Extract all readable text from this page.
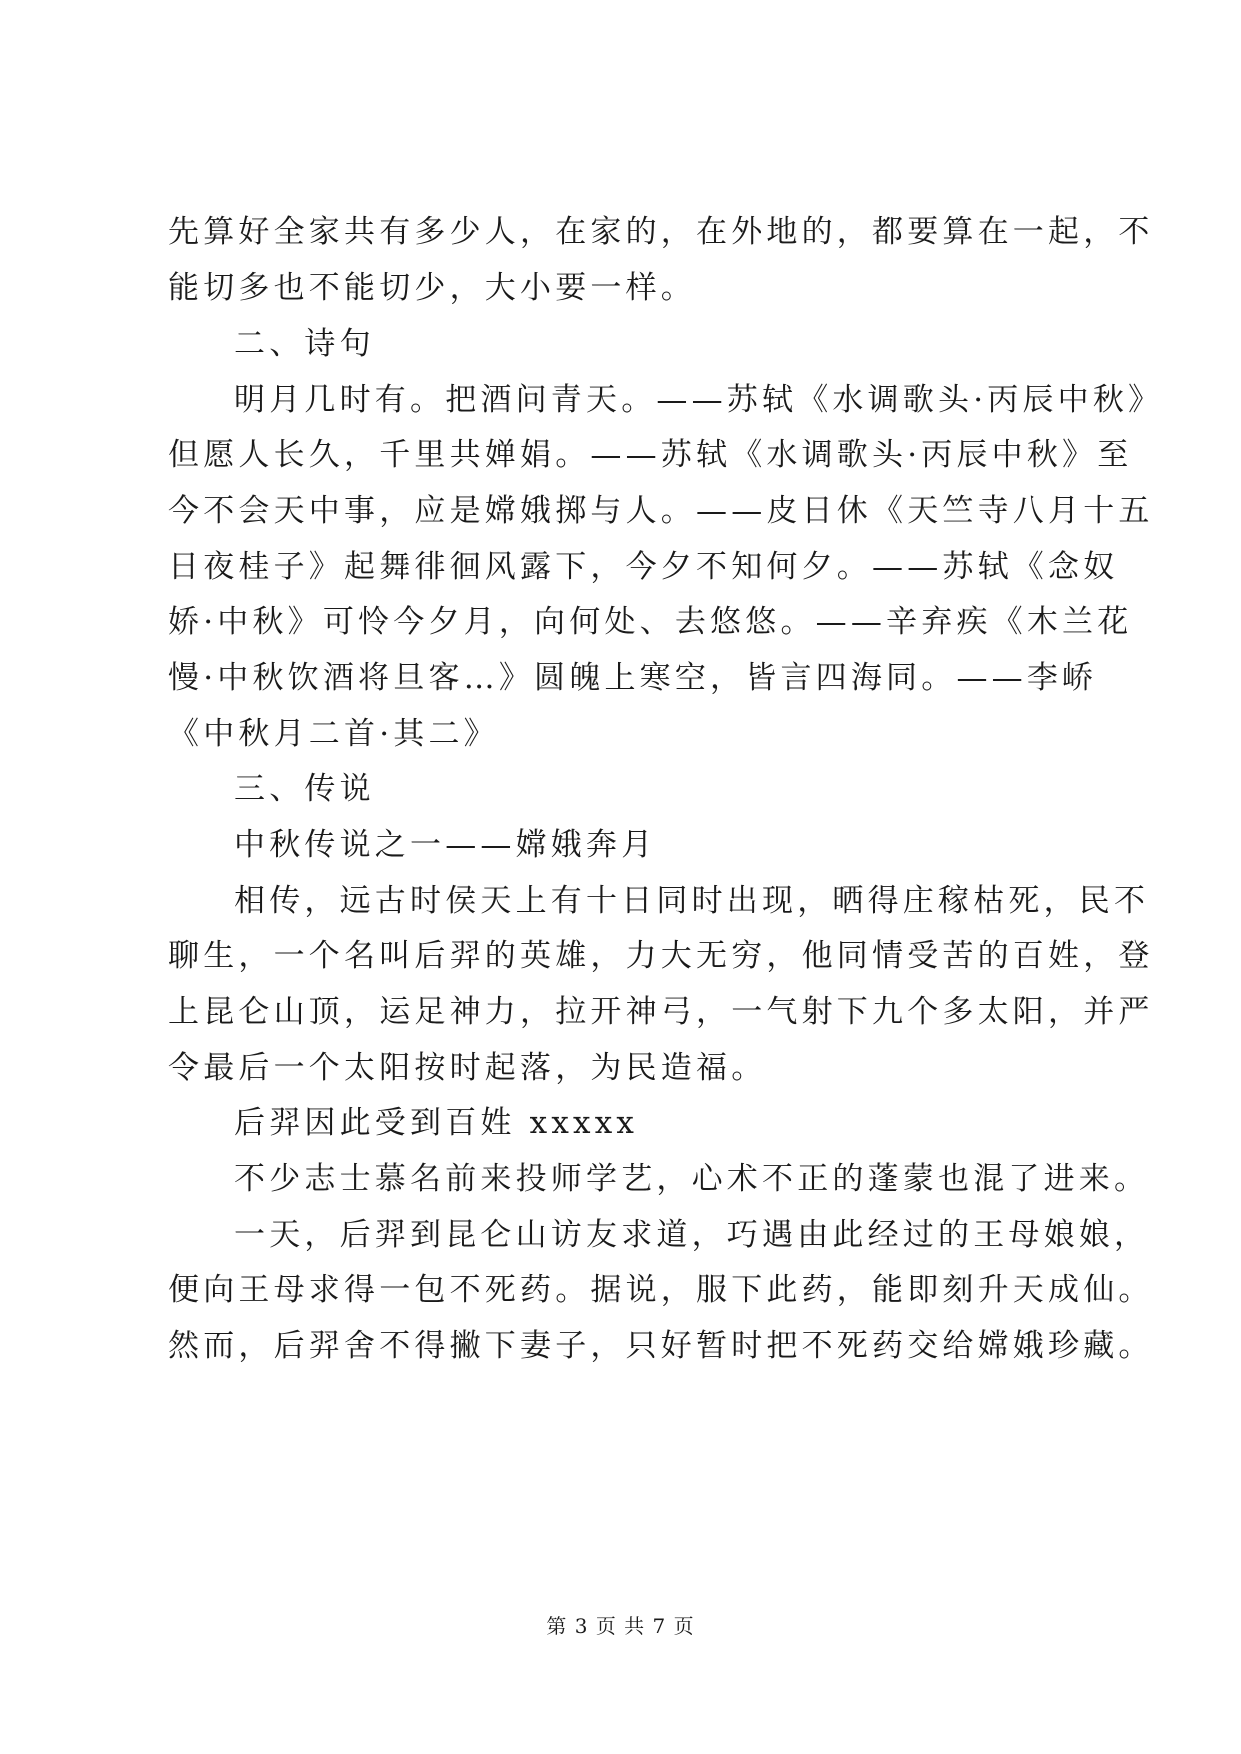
先算好全家共有多少人，在家的，在外地的，都要算在一起，不
能切多也不能切少，大小要一样。
二、诗句
明月几时有。把酒问青天。——苏轼《水调歌头·丙辰中秋》
但愿人长久，千里共婵娟。——苏轼《水调歌头·丙辰中秋》至
今不会天中事，应是嫦娥掷与人。——皮日休《天竺寺八月十五
日夜桂子》起舞徘徊风露下，今夕不知何夕。——苏轼《念奴
娇·中秋》可怜今夕月，向何处、去悠悠。——辛弃疾《木兰花
慢·中秋饮酒将旦客…》圆魄上寒空，皆言四海同。——李峤
《中秋月二首·其二》
三、传说
中秋传说之一——嫦娥奔月
相传，远古时侯天上有十日同时出现，晒得庄稼枯死，民不
聊生，一个名叫后羿的英雄，力大无穷，他同情受苦的百姓，登
上昆仑山顶，运足神力，拉开神弓，一气射下九个多太阳，并严
令最后一个太阳按时起落，为民造福。
后羿因此受到百姓 xxxxx
不少志士慕名前来投师学艺，心术不正的蓬蒙也混了进来。
一天，后羿到昆仑山访友求道，巧遇由此经过的王母娘娘，
便向王母求得一包不死药。据说，服下此药，能即刻升天成仙。
然而，后羿舍不得撇下妻子，只好暂时把不死药交给嫦娥珍藏。
第 3 页 共 7 页
